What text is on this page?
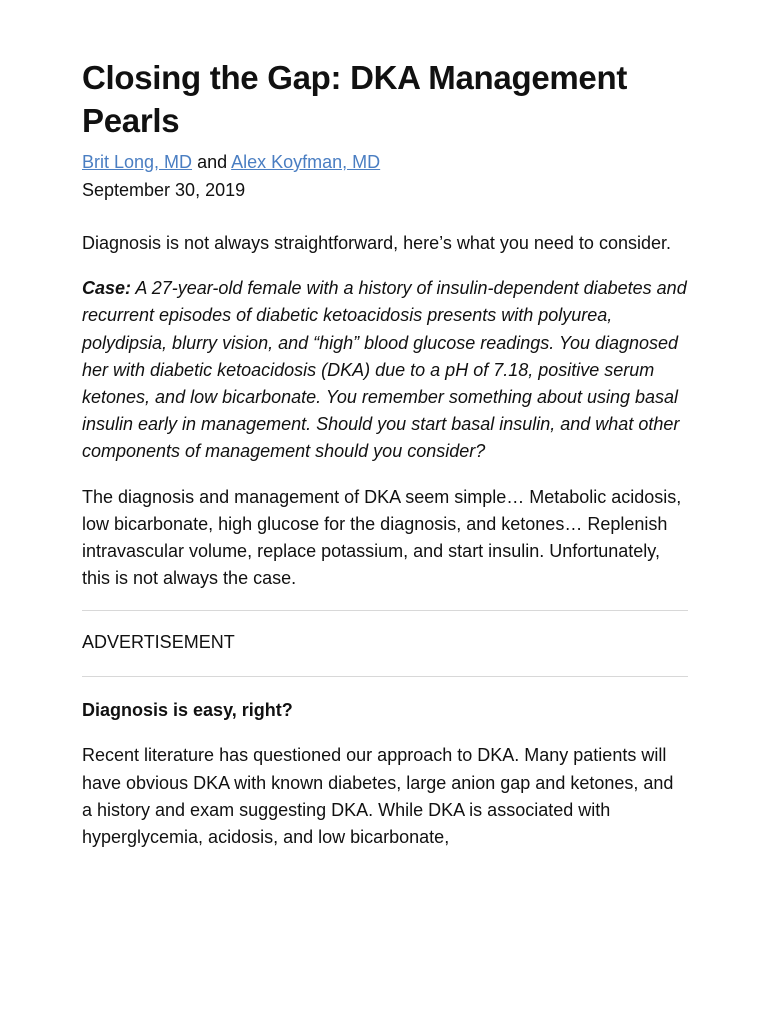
Closing the Gap: DKA Management Pearls
Brit Long, MD and Alex Koyfman, MD
September 30, 2019

Diagnosis is not always straightforward, here’s what you need to consider.

Case: A 27-year-old female with a history of insulin-dependent diabetes and recurrent episodes of diabetic ketoacidosis presents with polyurea, polydipsia, blurry vision, and “high” blood glucose readings. You diagnosed her with diabetic ketoacidosis (DKA) due to a pH of 7.18, positive serum ketones, and low bicarbonate. You remember something about using basal insulin early in management. Should you start basal insulin, and what other components of management should you consider?

The diagnosis and management of DKA seem simple… Metabolic acidosis, low bicarbonate, high glucose for the diagnosis, and ketones… Replenish intravascular volume, replace potassium, and start insulin. Unfortunately, this is not always the case.

ADVERTISEMENT
Diagnosis is easy, right?

Recent literature has questioned our approach to DKA. Many patients will have obvious DKA with known diabetes, large anion gap and ketones, and a history and exam suggesting DKA. While DKA is associated with hyperglycemia, acidosis, and low bicarbonate,
